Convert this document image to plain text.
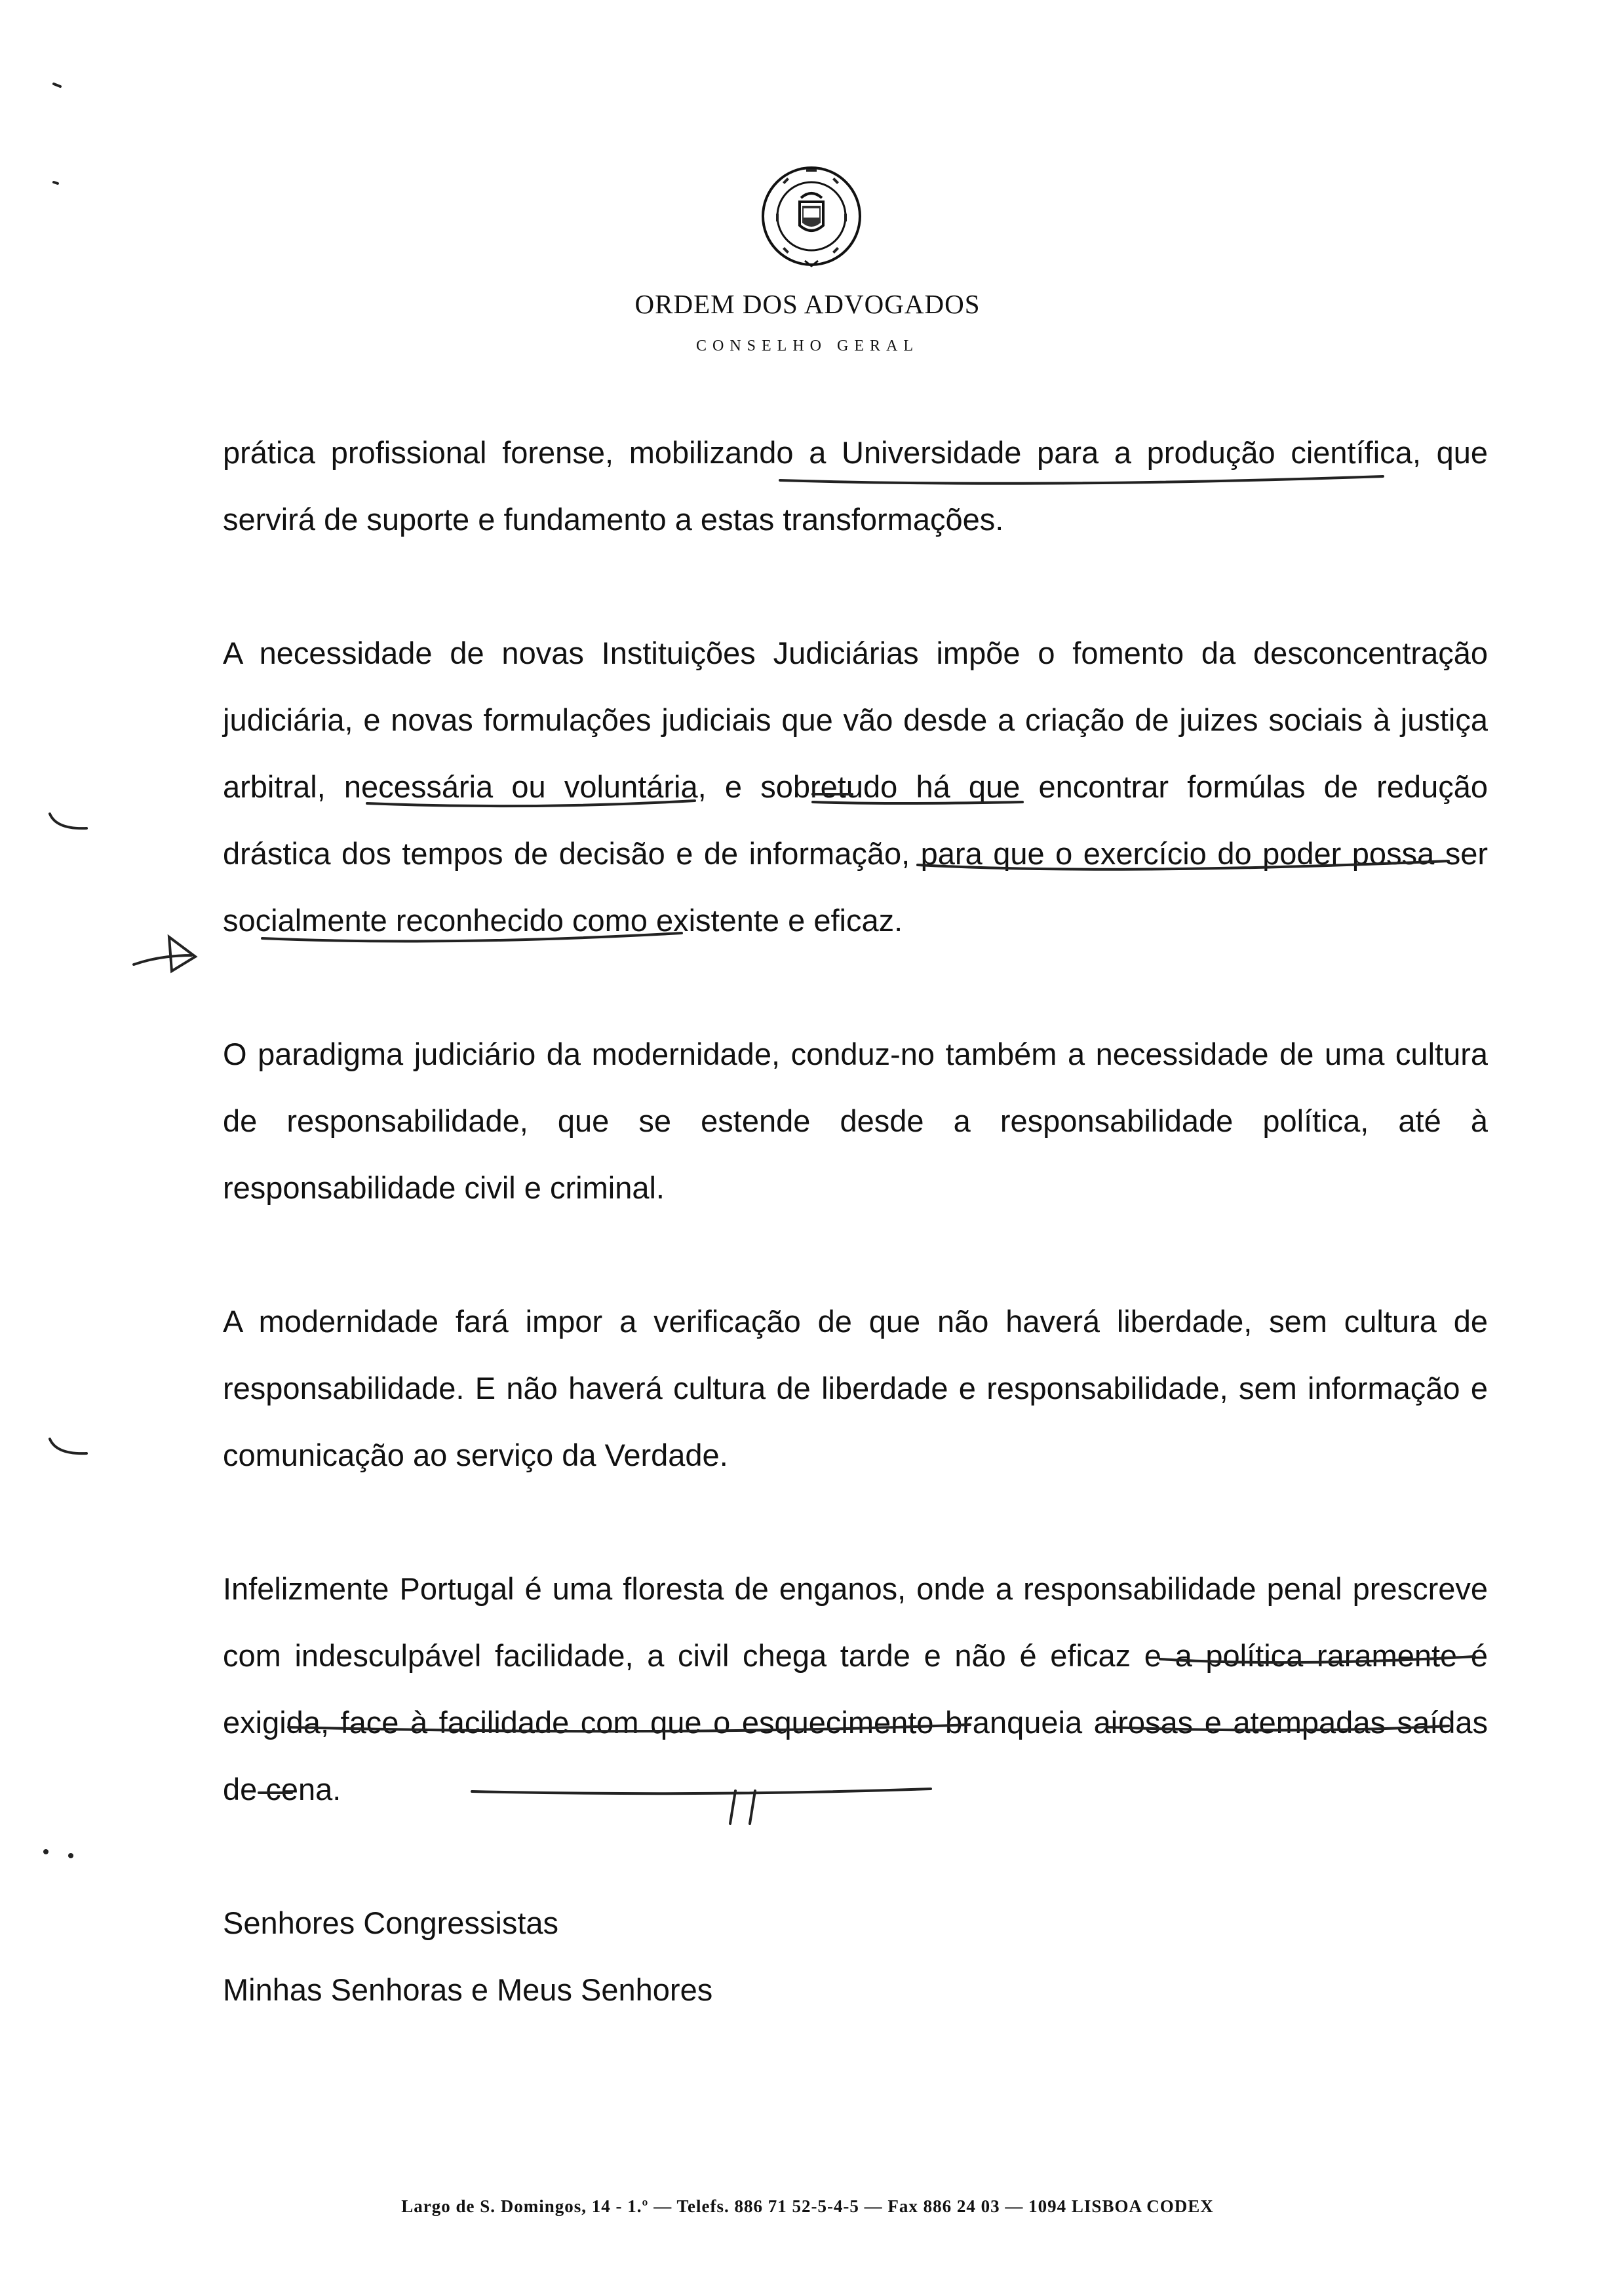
ORDEM DOS ADVOGADOS
CONSELHO GERAL

prática profissional forense, mobilizando a Universidade para a produção científica, que servirá de suporte e fundamento a estas transformações.

A necessidade de novas Instituições Judiciárias impõe o fomento da desconcentração judiciária, e novas formulações judiciais que vão desde a criação de juizes sociais à justiça arbitral, necessária ou voluntária, e sobretudo há que encontrar formúlas de redução drástica dos tempos de decisão e de informação, para que o exercício do poder possa ser socialmente reconhecido como existente e eficaz.

O paradigma judiciário da modernidade, conduz-no também a necessidade de uma cultura de responsabilidade, que se estende desde a responsabilidade política, até à responsabilidade civil e criminal.

A modernidade fará impor a verificação de que não haverá liberdade, sem cultura de responsabilidade. E não haverá cultura de liberdade e responsabilidade, sem informação e comunicação ao serviço da Verdade.

Infelizmente Portugal é uma floresta de enganos, onde a responsabilidade penal prescreve com indesculpável facilidade, a civil chega tarde e não é eficaz e a política raramente é exigida, face à facilidade com que o esquecimento branqueia airosas e atempadas saídas de cena.

Senhores Congressistas

Minhas Senhoras e Meus Senhores

Largo de S. Domingos, 14 - 1.º — Telefs. 886 71 52-5-4-5 — Fax 886 24 03 — 1094 LISBOA CODEX
